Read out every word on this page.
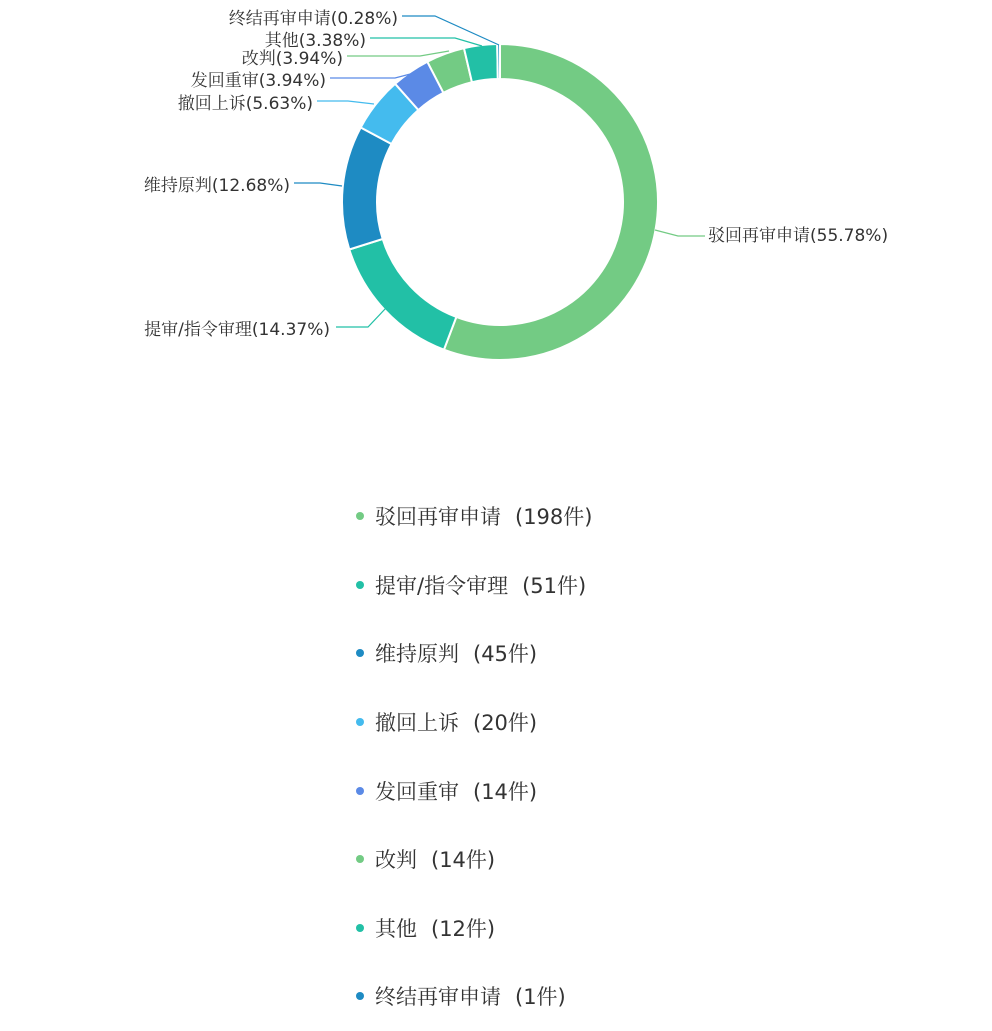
驳回再审申请(55.78%)
提审/指令审理(14.37%)
维持原判(12.68%)
撤回上诉(5.63%)
发回重审(3.94%)
改判(3.94%)
其他(3.38%)
终结再审申请(0.28%)
驳回再审申请 (198件)
提审/指令审理 (51件)
维持原判 (45件)
撤回上诉 (20件)
发回重审 (14件)
改判 (14件)
其他 (12件)
终结再审申请 (1件)
